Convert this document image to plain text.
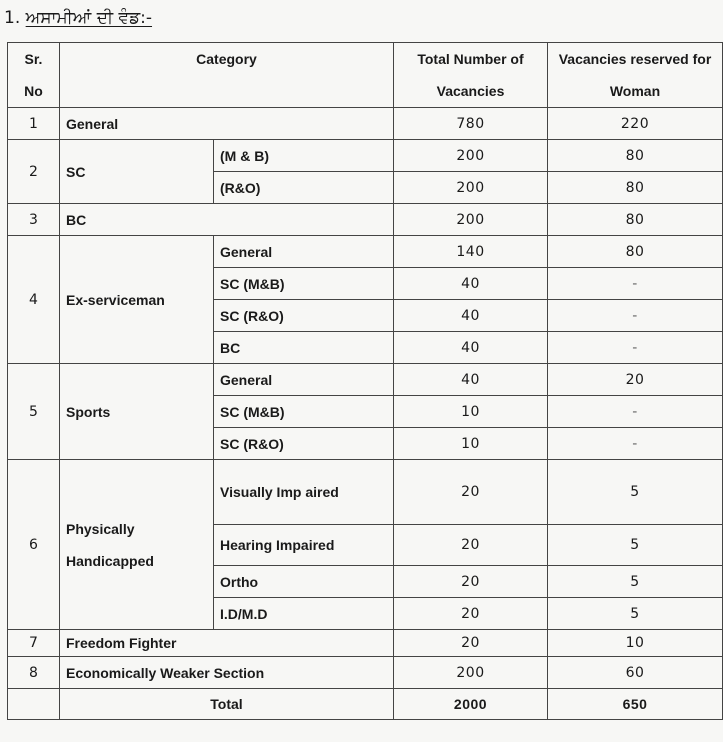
1. ਅਸਾਮੀਆਂ ਦੀ ਵੰਡ:-
Sr. No	Category		Total Number of Vacancies	Vacancies reserved for Woman
1	General		780	220
2	SC	(M & B)	200	80
		(R&O)	200	80
3	BC		200	80
4	Ex-serviceman	General	140	80
		SC (M&B)	40	-
		SC (R&O)	40	-
		BC	40	-
5	Sports	General	40	20
		SC (M&B)	10	-
		SC (R&O)	10	-
6	Physically Handicapped	Visually Imp aired	20	5
		Hearing Impaired	20	5
		Ortho	20	5
		I.D/M.D	20	5
7	Freedom Fighter		20	10
8	Economically Weaker Section		200	60
	Total		2000	650
